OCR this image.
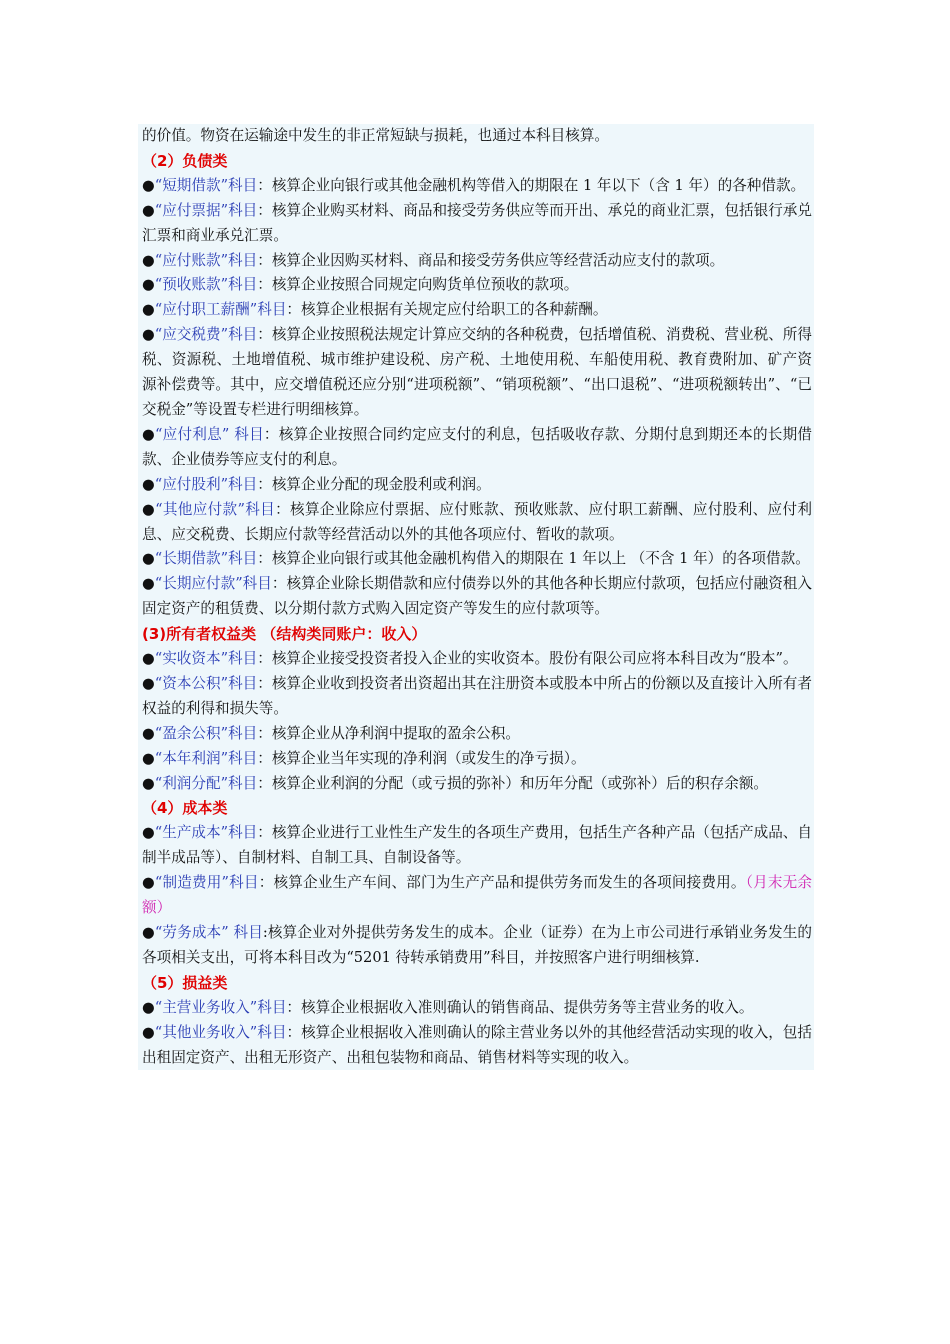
的价值。物资在运输途中发生的非正常短缺与损耗，也通过本科目核算。

（2）负债类

●“短期借款”科目：核算企业向银行或其他金融机构等借入的期限在 1 年以下（含 1 年）的各种借款。

●“应付票据”科目：核算企业购买材料、商品和接受劳务供应等而开出、承兑的商业汇票，包括银行承兑汇票和商业承兑汇票。

●“应付账款”科目：核算企业因购买材料、商品和接受劳务供应等经营活动应支付的款项。

●“预收账款”科目：核算企业按照合同规定向购货单位预收的款项。

●“应付职工薪酬”科目：核算企业根据有关规定应付给职工的各种薪酬。

●“应交税费”科目：核算企业按照税法规定计算应交纳的各种税费，包括增值税、消费税、营业税、所得税、资源税、土地增值税、城市维护建设税、房产税、土地使用税、车船使用税、教育费附加、矿产资源补偿费等。其中，应交增值税还应分别“进项税额”、“销项税额”、“出口退税”、“进项税额转出”、“已交税金”等设置专栏进行明细核算。

●“应付利息” 科目：核算企业按照合同约定应支付的利息，包括吸收存款、分期付息到期还本的长期借款、企业债券等应支付的利息。

●“应付股利”科目：核算企业分配的现金股利或利润。

●“其他应付款”科目：核算企业除应付票据、应付账款、预收账款、应付职工薪酬、应付股利、应付利息、应交税费、长期应付款等经营活动以外的其他各项应付、暂收的款项。

●“长期借款”科目：核算企业向银行或其他金融机构借入的期限在 1 年以上 （不含 1 年）的各项借款。

●“长期应付款”科目：核算企业除长期借款和应付债券以外的其他各种长期应付款项，包括应付融资租入固定资产的租赁费、以分期付款方式购入固定资产等发生的应付款项等。

(3)所有者权益类 （结构类同账户：收入）

●“实收资本”科目：核算企业接受投资者投入企业的实收资本。股份有限公司应将本科目改为“股本”。

●“资本公积”科目：核算企业收到投资者出资超出其在注册资本或股本中所占的份额以及直接计入所有者权益的利得和损失等。

●“盈余公积”科目：核算企业从净利润中提取的盈余公积。

●“本年利润”科目：核算企业当年实现的净利润（或发生的净亏损）。

●“利润分配”科目：核算企业利润的分配（或亏损的弥补）和历年分配（或弥补）后的积存余额。

（4）成本类

●“生产成本”科目：核算企业进行工业性生产发生的各项生产费用，包括生产各种产品（包括产成品、自制半成品等）、自制材料、自制工具、自制设备等。

●“制造费用”科目：核算企业生产车间、部门为生产产品和提供劳务而发生的各项间接费用。（月末无余额）

●“劳务成本” 科目:核算企业对外提供劳务发生的成本。企业（证券）在为上市公司进行承销业务发生的各项相关支出，可将本科目改为“5201 待转承销费用”科目，并按照客户进行明细核算.

（5）损益类

●“主营业务收入”科目：核算企业根据收入准则确认的销售商品、提供劳务等主营业务的收入。

●“其他业务收入”科目：核算企业根据收入准则确认的除主营业务以外的其他经营活动实现的收入，包括出租固定资产、出租无形资产、出租包装物和商品、销售材料等实现的收入。
